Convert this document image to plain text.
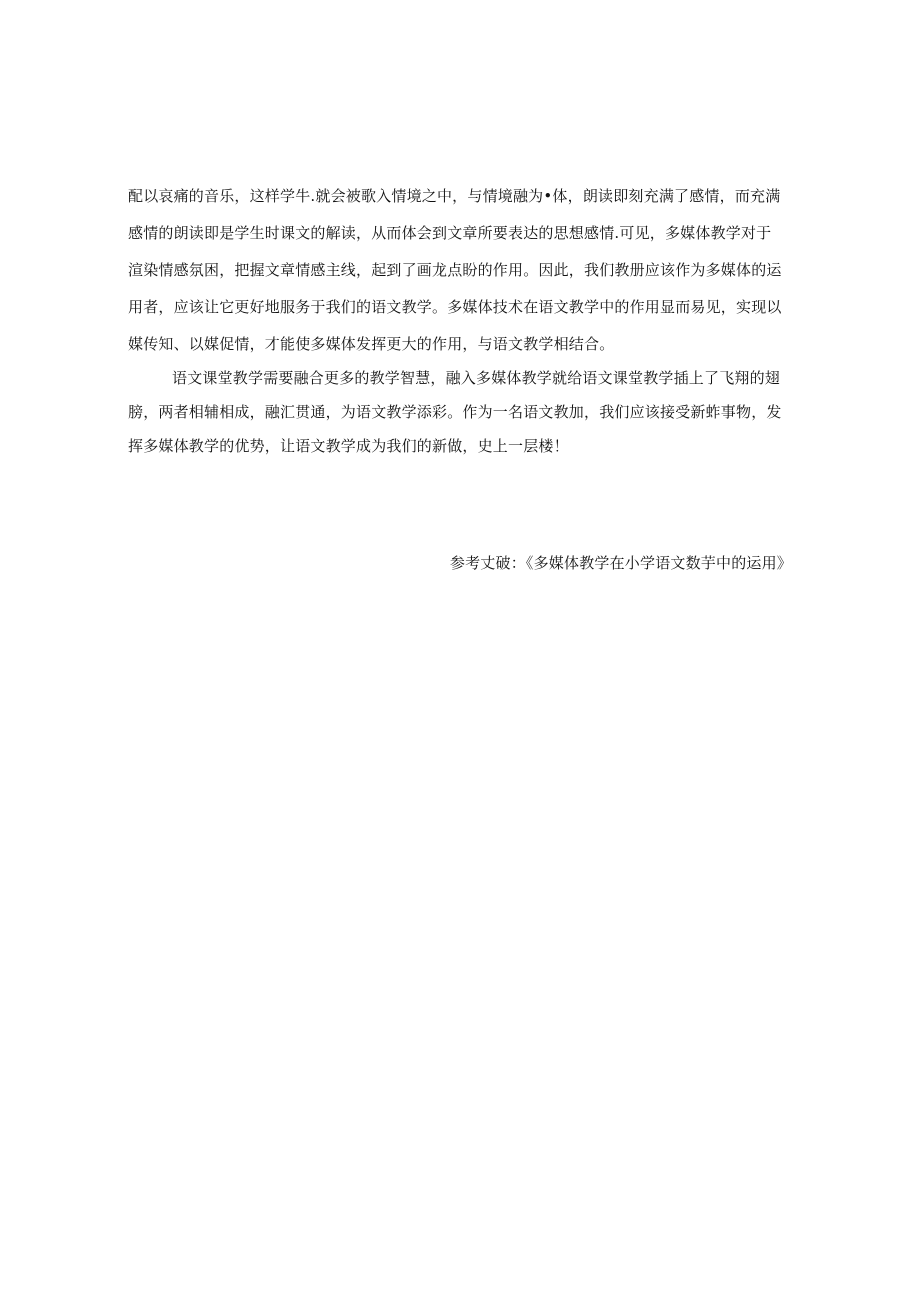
配以哀痛的音乐，这样学牛.就会被歌入情境之中，与情境融为•体，朗读即刻充满了感情，而充满
感情的朗读即是学生时课文的解读，从而体会到文章所要表达的思想感情.可见，多媒体教学对于
渲染情感氛困，把握文章情感主线，起到了画龙点盼的作用。因此，我们教册应该作为多媒体的运
用者，应该让它更好地服务于我们的语文教学。多媒体技术在语文教学中的作用显而易见，实现以
媒传知、以媒促情，才能使多媒体发挥更大的作用，与语文教学相结合。
语文课堂教学需要融合更多的教学智慧，融入多媒体教学就给语文课堂教学插上了飞翔的翅
膀，两者相辅相成，融汇贯通，为语文教学添彩。作为一名语文教加，我们应该接受新蚱事物，发
挥多媒体教学的优势，让语文教学成为我们的新做，史上一层楼！
参考丈破：《多媒体教学在小学语文数芋中的运用》
